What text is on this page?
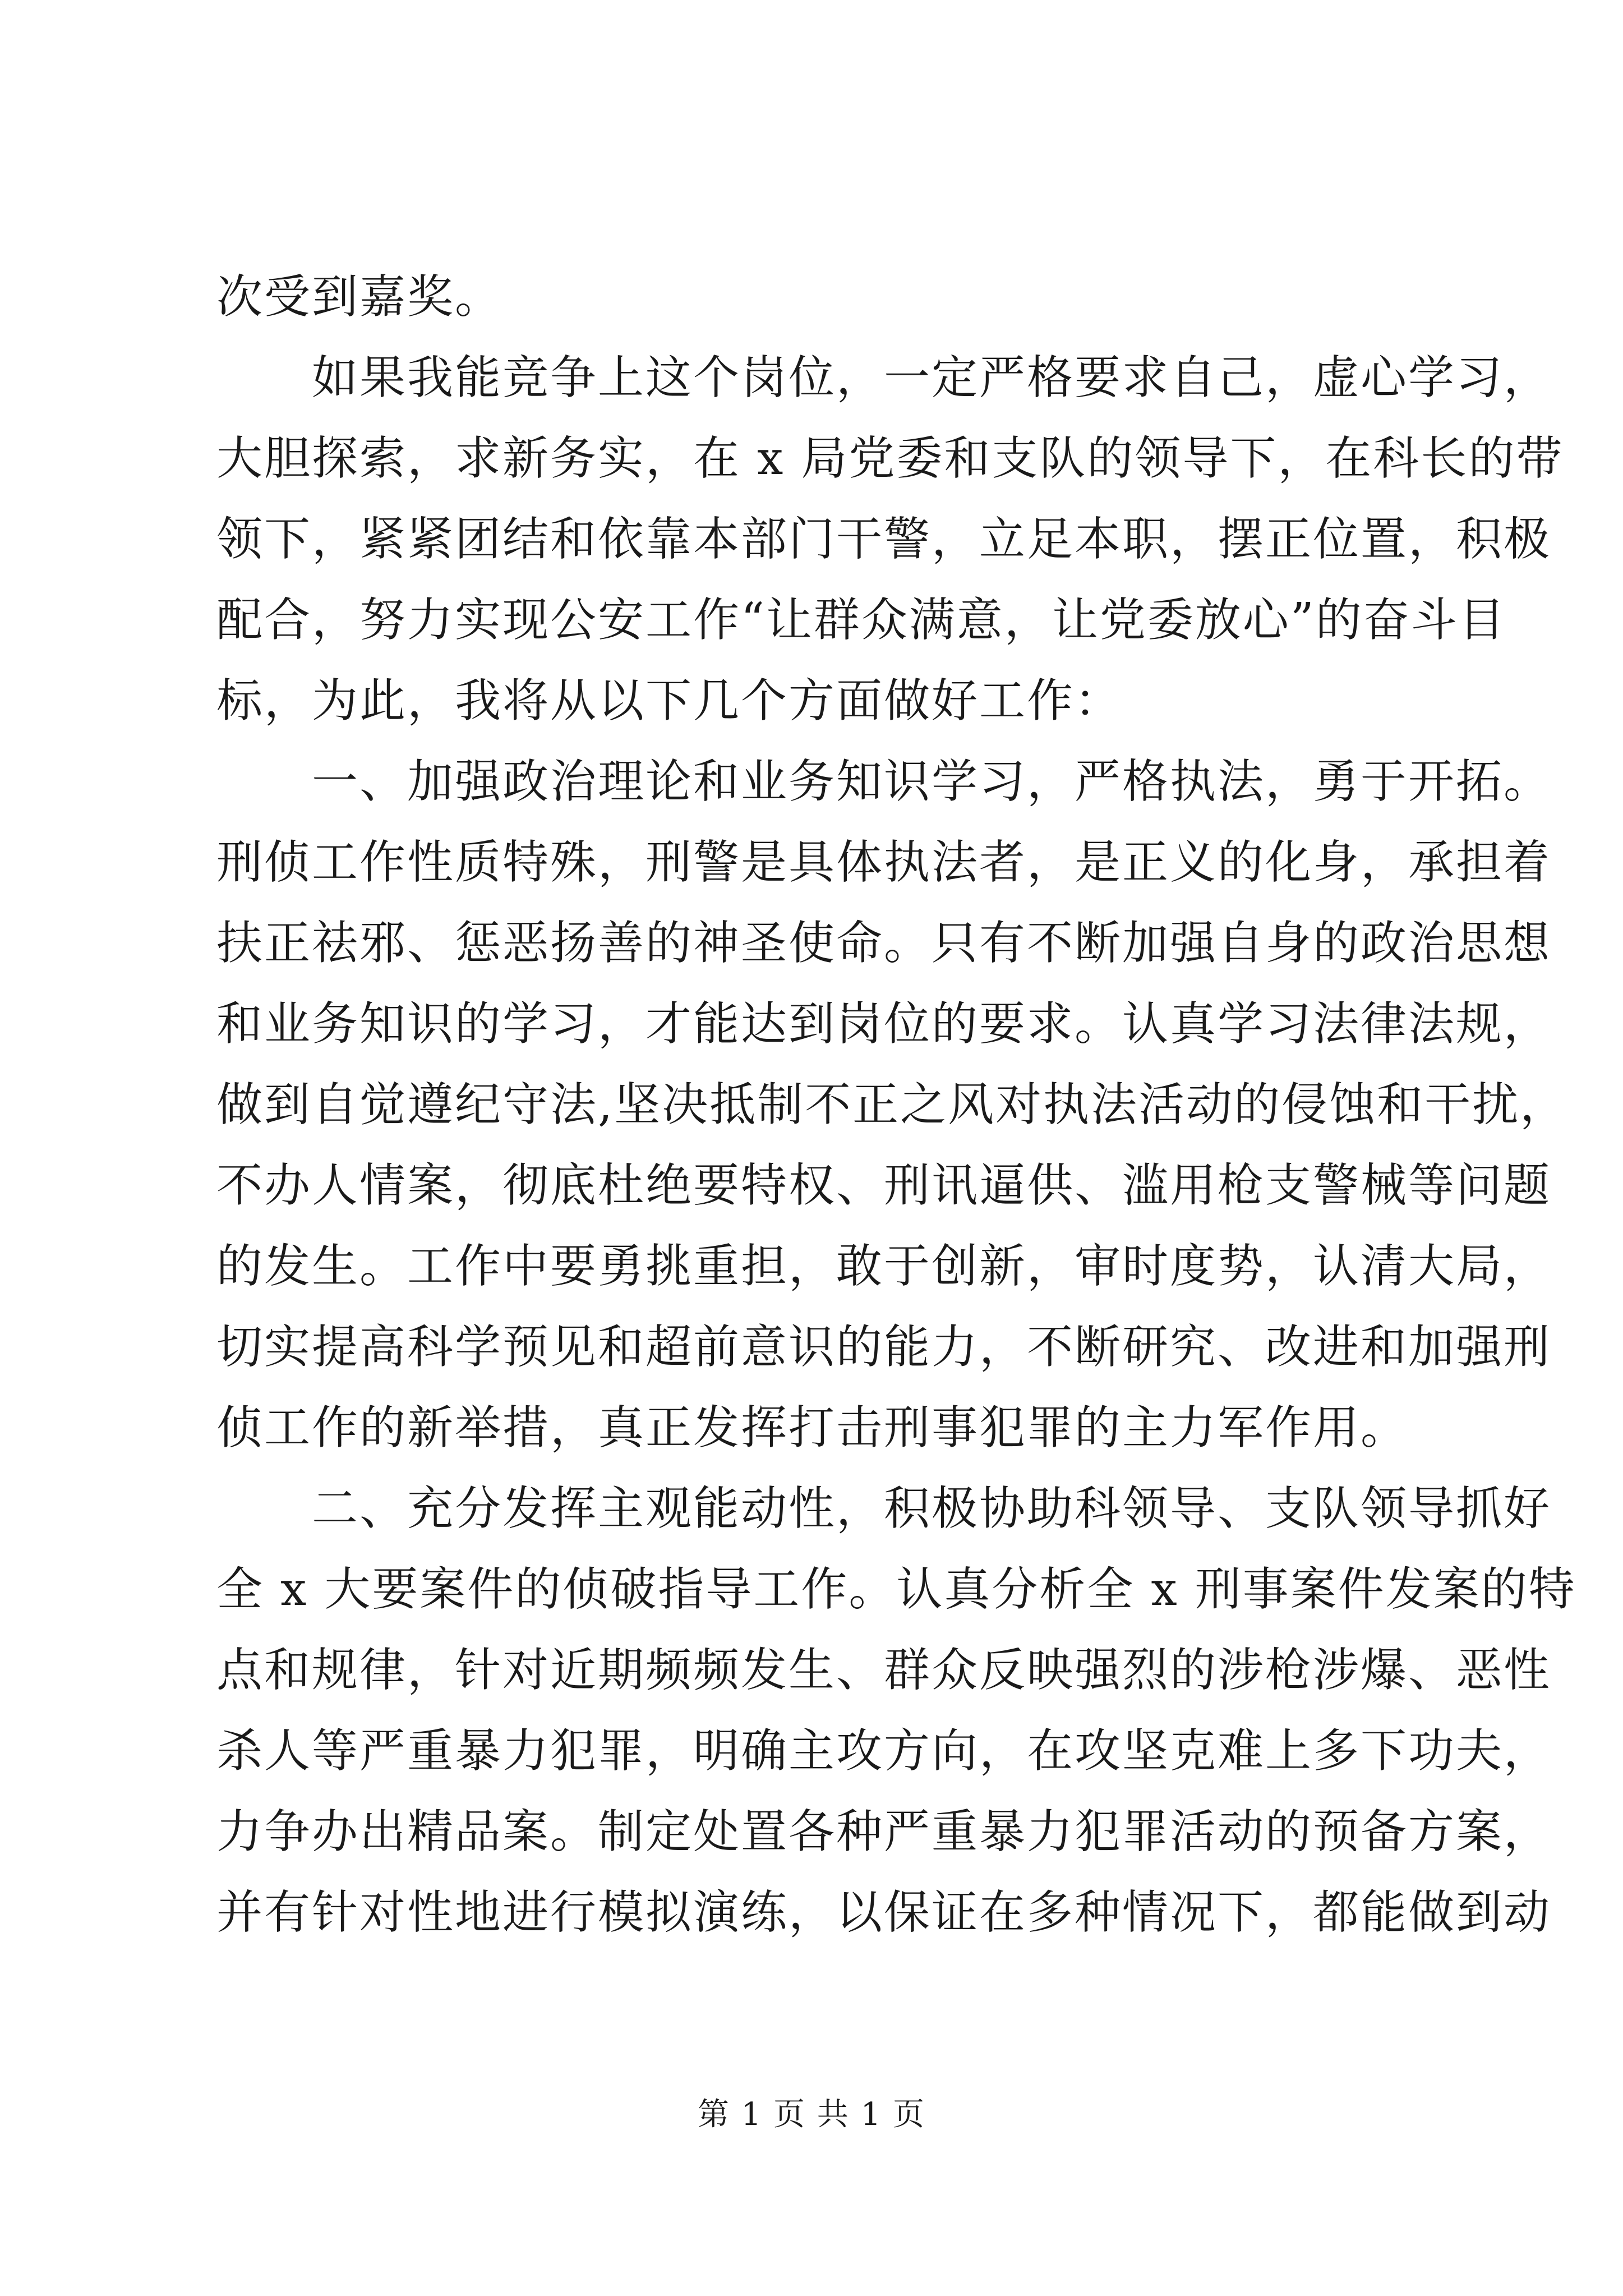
次受到嘉奖。
如果我能竞争上这个岗位，一定严格要求自己，虚心学习，
大胆探索，求新务实，在 x 局党委和支队的领导下，在科长的带
领下，紧紧团结和依靠本部门干警，立足本职，摆正位置，积极
配合，努力实现公安工作“让群众满意，让党委放心”的奋斗目
标，为此，我将从以下几个方面做好工作：
一、加强政治理论和业务知识学习，严格执法，勇于开拓。
刑侦工作性质特殊，刑警是具体执法者，是正义的化身，承担着
扶正祛邪、惩恶扬善的神圣使命。只有不断加强自身的政治思想
和业务知识的学习，才能达到岗位的要求。认真学习法律法规，
做到自觉遵纪守法,坚决抵制不正之风对执法活动的侵蚀和干扰，
不办人情案，彻底杜绝要特权、刑讯逼供、滥用枪支警械等问题
的发生。工作中要勇挑重担，敢于创新，审时度势，认清大局，
切实提高科学预见和超前意识的能力，不断研究、改进和加强刑
侦工作的新举措，真正发挥打击刑事犯罪的主力军作用。
二、充分发挥主观能动性，积极协助科领导、支队领导抓好
全 x 大要案件的侦破指导工作。认真分析全 x 刑事案件发案的特
点和规律，针对近期频频发生、群众反映强烈的涉枪涉爆、恶性
杀人等严重暴力犯罪，明确主攻方向，在攻坚克难上多下功夫，
力争办出精品案。制定处置各种严重暴力犯罪活动的预备方案，
并有针对性地进行模拟演练，以保证在多种情况下，都能做到动
第 1 页 共 1 页
